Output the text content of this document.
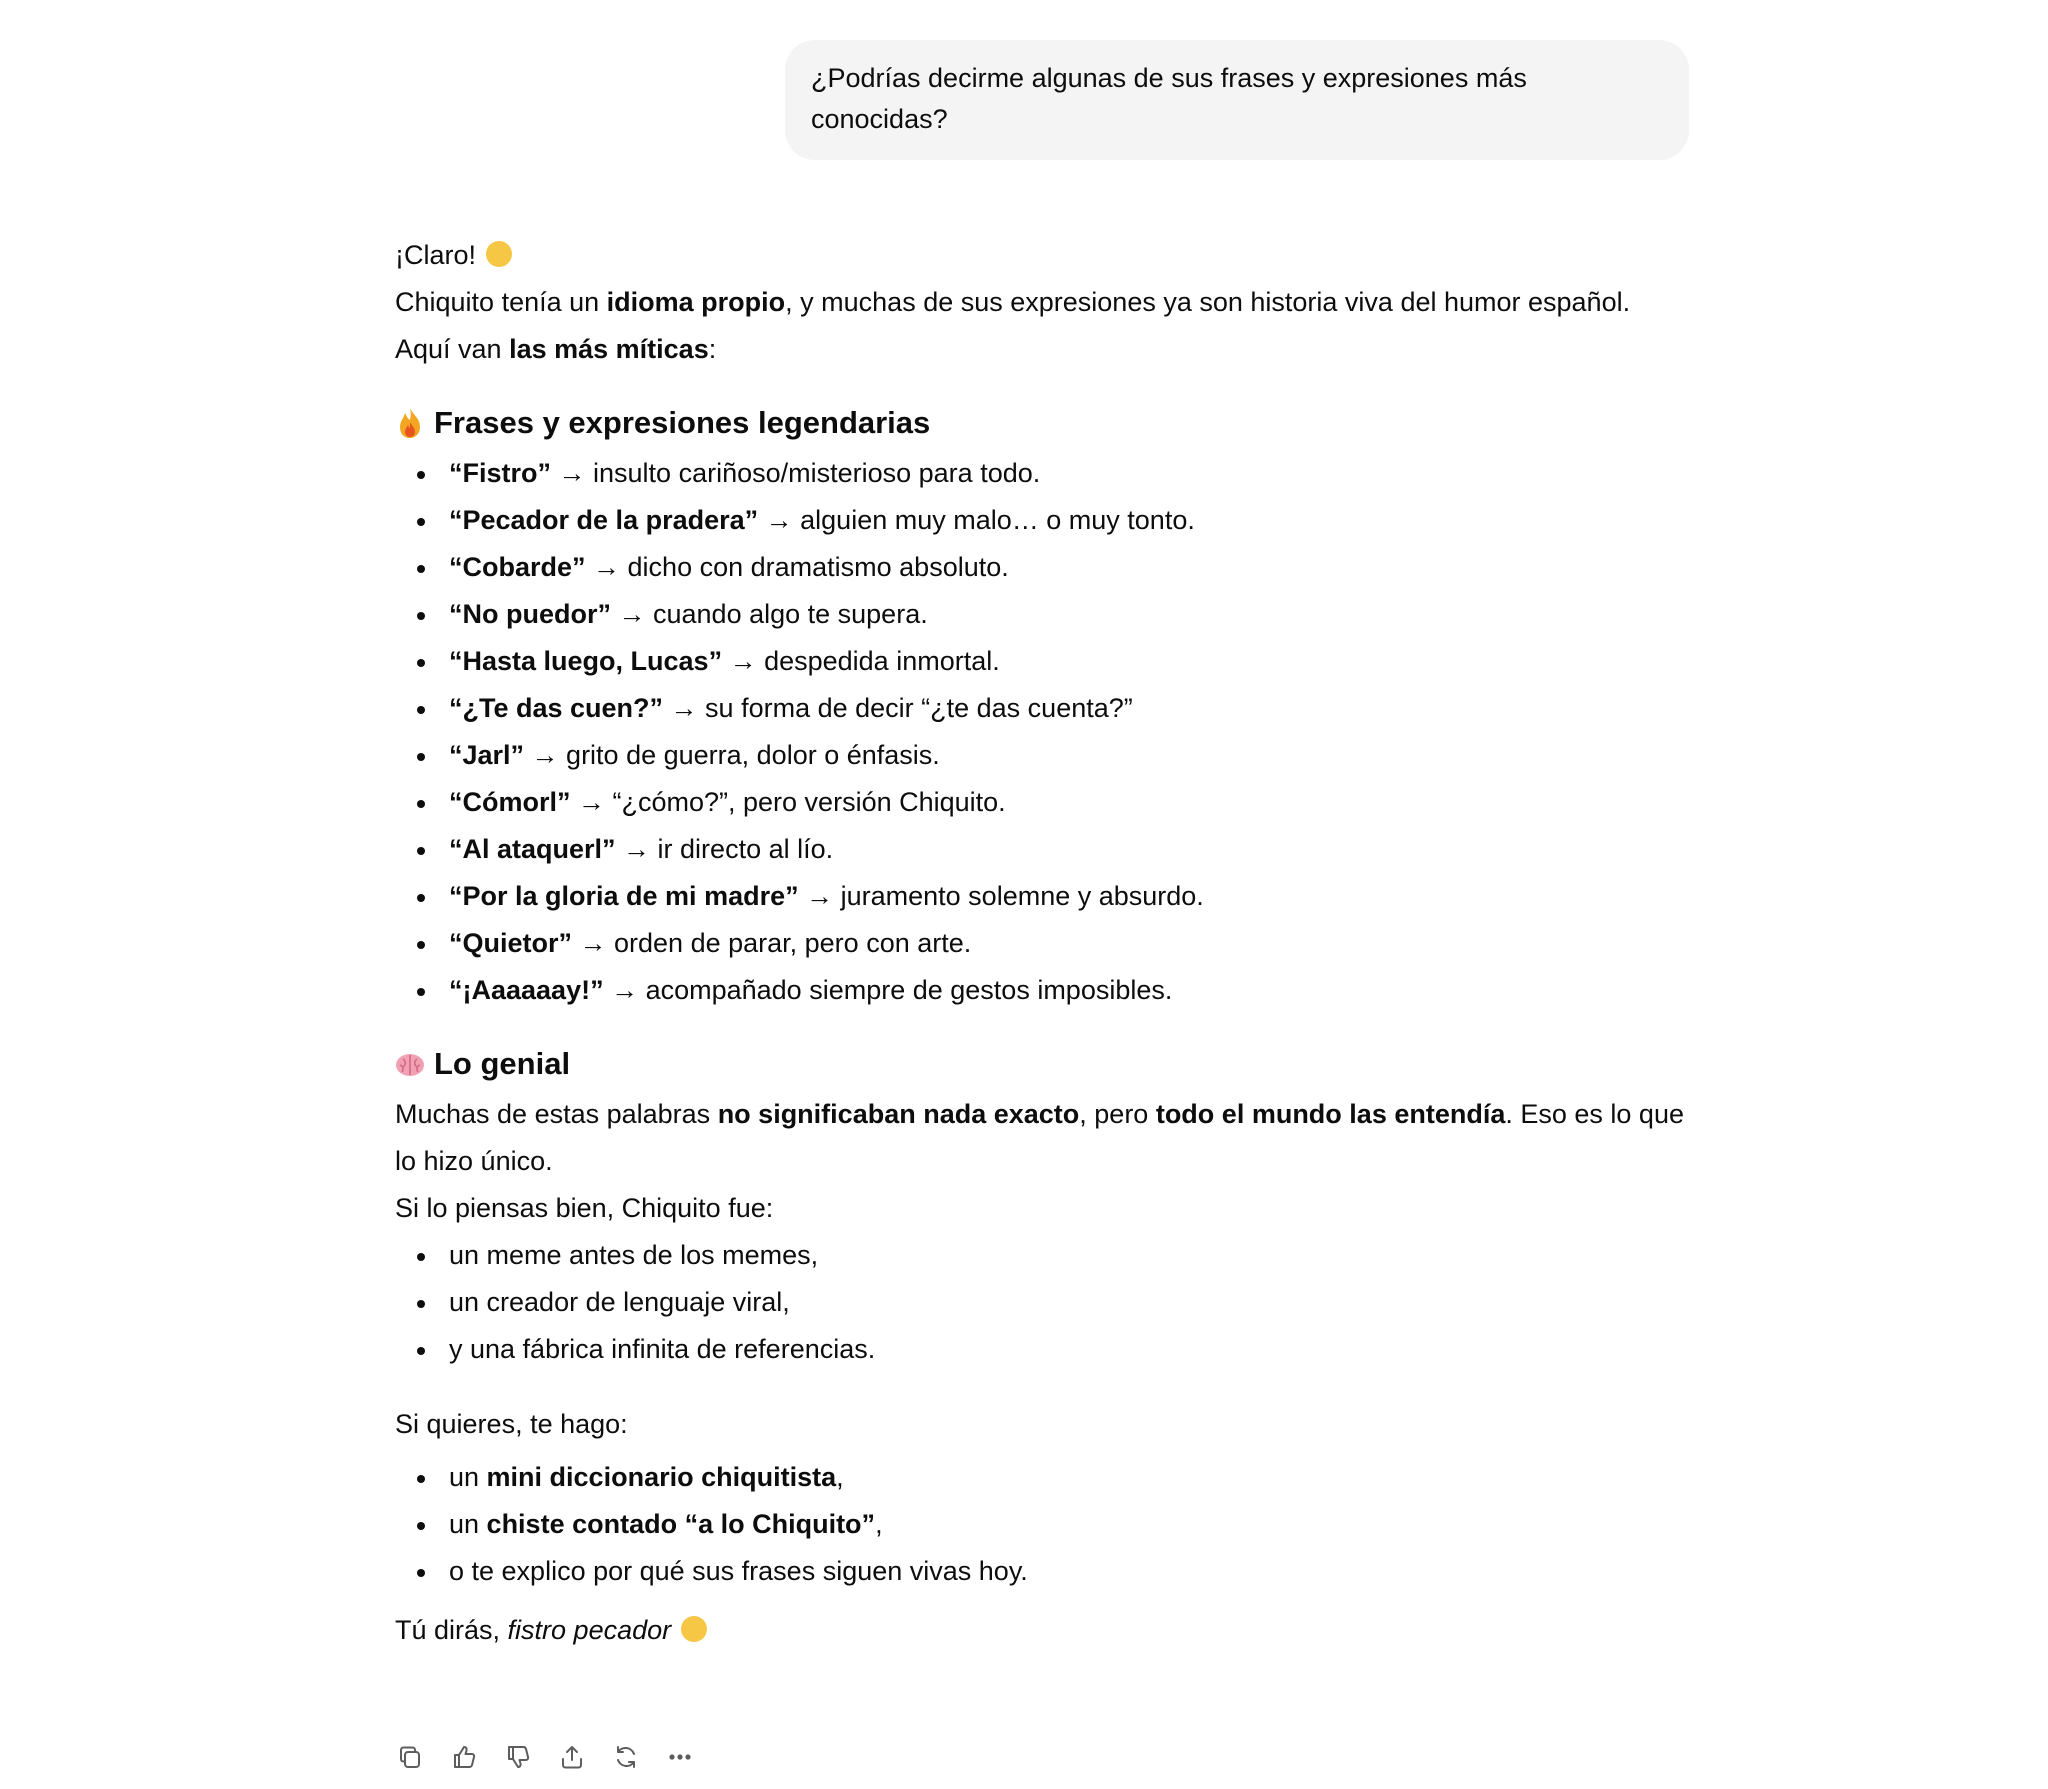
¿Podrías decirme algunas de sus frases y expresiones más
conocidas?

¡Claro!

Chiquito tenía un idioma propio, y muchas de sus expresiones ya son historia viva del humor español.

Aquí van las más míticas:

Frases y expresiones legendarias
“Fistro” → insulto cariñoso/misterioso para todo.
“Pecador de la pradera” → alguien muy malo… o muy tonto.
“Cobarde” → dicho con dramatismo absoluto.
“No puedor” → cuando algo te supera.
“Hasta luego, Lucas” → despedida inmortal.
“¿Te das cuen?” → su forma de decir “¿te das cuenta?”
“Jarl” → grito de guerra, dolor o énfasis.
“Cómorl” → “¿cómo?”, pero versión Chiquito.
“Al ataquerl” → ir directo al lío.
“Por la gloria de mi madre” → juramento solemne y absurdo.
“Quietor” → orden de parar, pero con arte.
“¡Aaaaaay!” → acompañado siempre de gestos imposibles.
Lo genial

Muchas de estas palabras no significaban nada exacto, pero todo el mundo las entendía. Eso es lo que lo hizo único.

Si lo piensas bien, Chiquito fue:

un meme antes de los memes,
un creador de lenguaje viral,
y una fábrica infinita de referencias.

Si quieres, te hago:

un mini diccionario chiquitista,
un chiste contado “a lo Chiquito”,
o te explico por qué sus frases siguen vivas hoy.

Tú dirás, fistro pecador
